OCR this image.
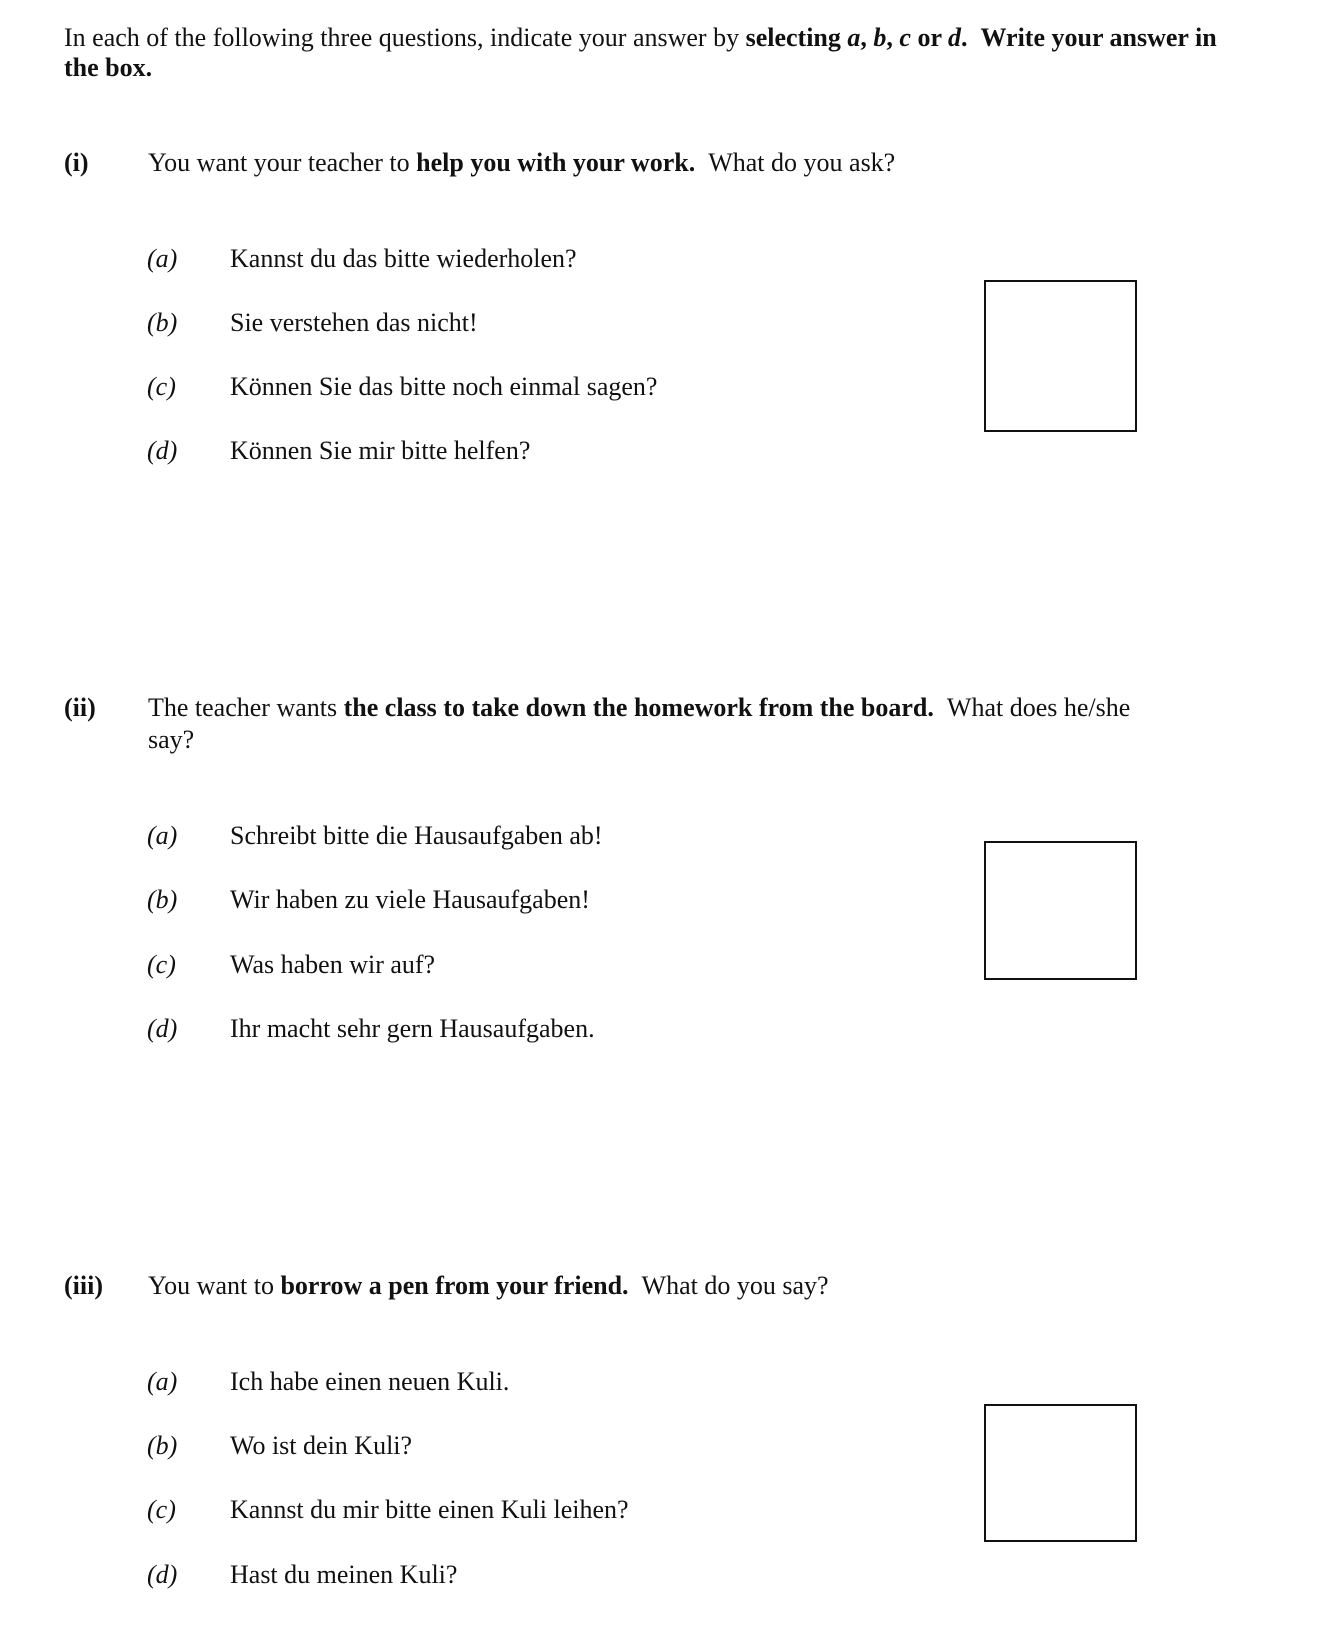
In each of the following three questions, indicate your answer by selecting a, b, c or d. Write your answer in
the box.
(i) You want your teacher to help you with your work. What do you ask?
(a) Kannst du das bitte wiederholen?
(b) Sie verstehen das nicht!
(c) Können Sie das bitte noch einmal sagen?
(d) Können Sie mir bitte helfen?
(ii) The teacher wants the class to take down the homework from the board. What does he/she
say?
(a) Schreibt bitte die Hausaufgaben ab!
(b) Wir haben zu viele Hausaufgaben!
(c) Was haben wir auf?
(d) Ihr macht sehr gern Hausaufgaben.
(iii) You want to borrow a pen from your friend. What do you say?
(a) Ich habe einen neuen Kuli.
(b) Wo ist dein Kuli?
(c) Kannst du mir bitte einen Kuli leihen?
(d) Hast du meinen Kuli?
